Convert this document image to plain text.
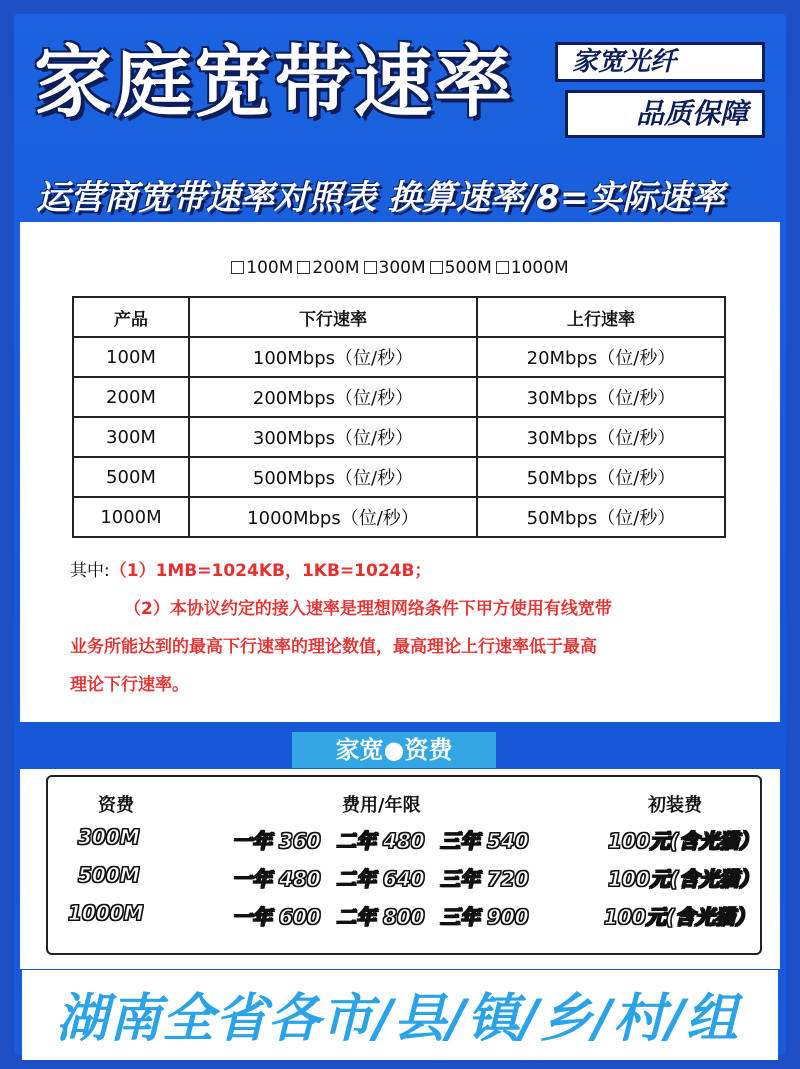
家庭宽带速率	家宽光纤
品质保障
运营商宽带速率对照表 换算速率/8=实际速率
100M 200M 300M 500M 1000M
产品	下行速率	上行速率
100M	100Mbps（位/秒）	20Mbps（位/秒）
200M	200Mbps（位/秒）	30Mbps（位/秒）
300M	300Mbps（位/秒）	30Mbps（位/秒）
500M	500Mbps（位/秒）	50Mbps（位/秒）
1000M	1000Mbps（位/秒）	50Mbps（位/秒）
其中:（1）1MB=1024KB，1KB=1024B；
（2）本协议约定的接入速率是理想网络条件下甲方使用有线宽带
业务所能达到的最高下行速率的理论数值，最高理论上行速率低于最高
理论下行速率。
家宽●资费
资费	费用/年限	初装费
300M	一年 360 二年 480 三年 540	100元(含光猫）
500M	一年 480 二年 640 三年 720	100元(含光猫）
1000M	一年 600 二年 800 三年 900	100元(含光猫）
湖南全省各市/县/镇/乡/村/组
